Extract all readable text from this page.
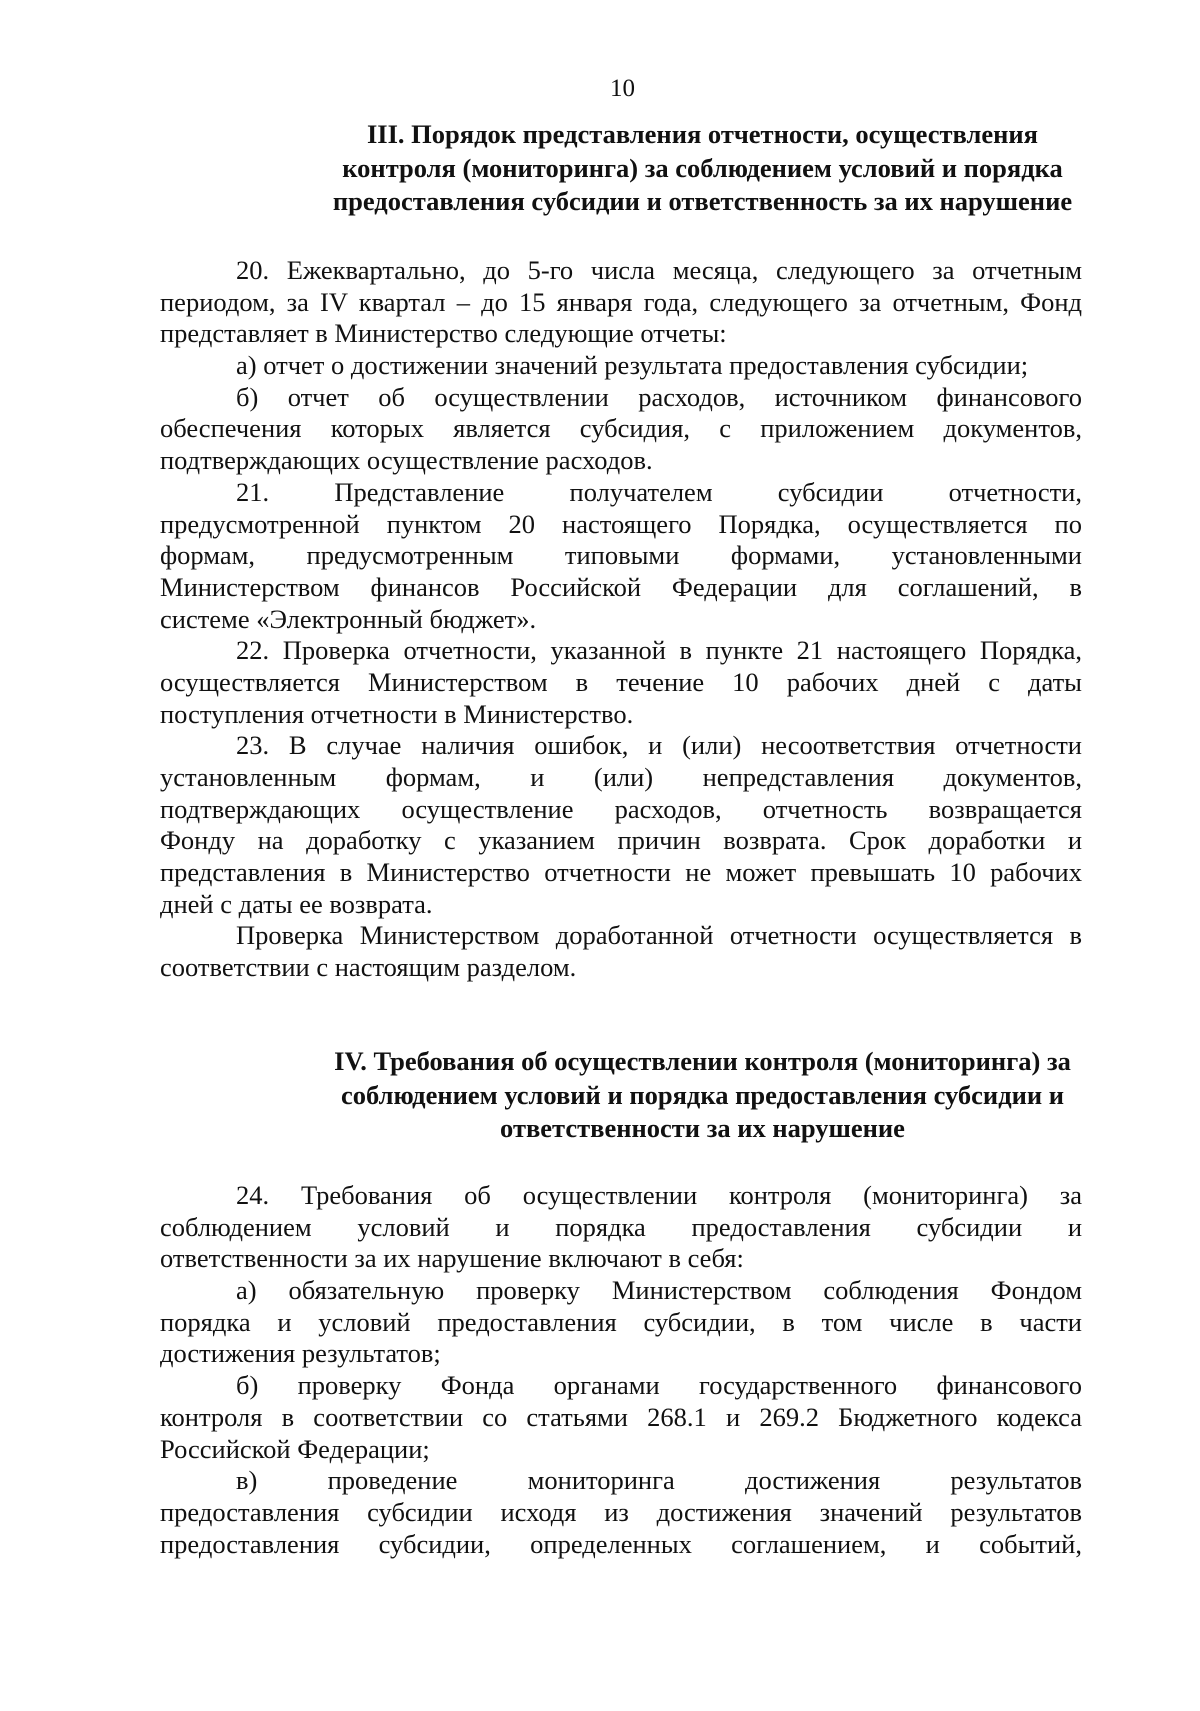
10
III. Порядок представления отчетности, осуществления
контроля (мониторинга) за соблюдением условий и порядка
предоставления субсидии и ответственность за их нарушение
20. Ежеквартально, до 5-го числа месяца, следующего за отчетным
периодом, за IV квартал – до 15 января года, следующего за отчетным, Фонд
представляет в Министерство следующие отчеты:
а) отчет о достижении значений результата предоставления субсидии;
б) отчет об осуществлении расходов, источником финансового
обеспечения которых является субсидия, с приложением документов,
подтверждающих осуществление расходов.
21. Представление получателем субсидии отчетности,
предусмотренной пунктом 20 настоящего Порядка, осуществляется по
формам, предусмотренным типовыми формами, установленными
Министерством финансов Российской Федерации для соглашений, в
системе «Электронный бюджет».
22. Проверка отчетности, указанной в пункте 21 настоящего Порядка,
осуществляется Министерством в течение 10 рабочих дней с даты
поступления отчетности в Министерство.
23. В случае наличия ошибок, и (или) несоответствия отчетности
установленным формам, и (или) непредставления документов,
подтверждающих осуществление расходов, отчетность возвращается
Фонду на доработку с указанием причин возврата. Срок доработки и
представления в Министерство отчетности не может превышать 10 рабочих
дней с даты ее возврата.
Проверка Министерством доработанной отчетности осуществляется в
соответствии с настоящим разделом.
IV. Требования об осуществлении контроля (мониторинга) за
соблюдением условий и порядка предоставления субсидии и
ответственности за их нарушение
24. Требования об осуществлении контроля (мониторинга) за
соблюдением условий и порядка предоставления субсидии и
ответственности за их нарушение включают в себя:
а) обязательную проверку Министерством соблюдения Фондом
порядка и условий предоставления субсидии, в том числе в части
достижения результатов;
б) проверку Фонда органами государственного финансового
контроля в соответствии со статьями 268.1 и 269.2 Бюджетного кодекса
Российской Федерации;
в) проведение мониторинга достижения результатов
предоставления субсидии исходя из достижения значений результатов
предоставления субсидии, определенных соглашением, и событий,
